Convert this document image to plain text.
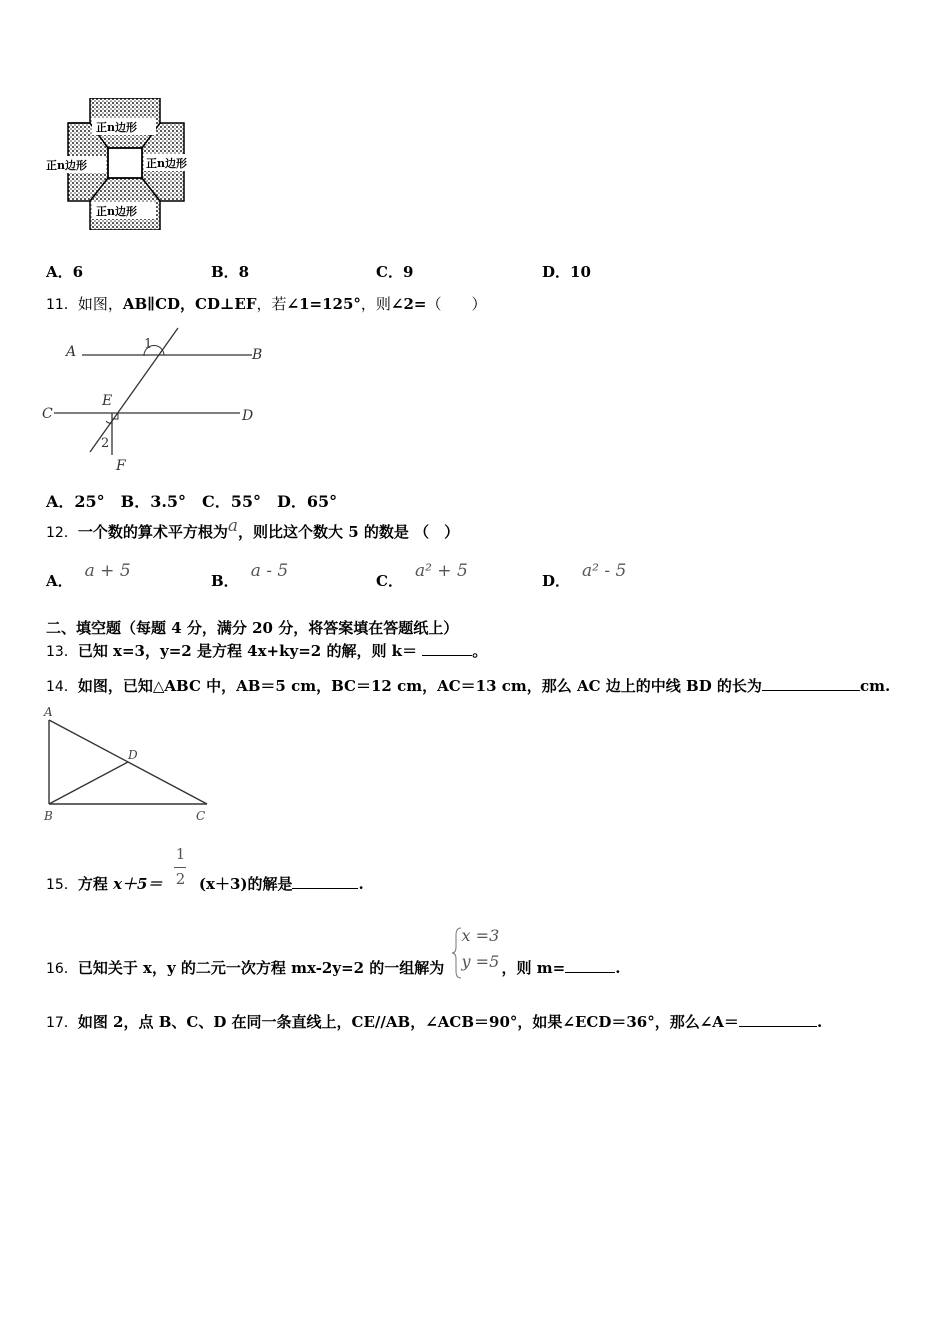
正n边形
正n边形	正n边形
正n边形
A．6	B．8	C．9	D．10
11．如图，AB∥CD，CD⊥EF，若∠1=125°，则∠2=（　　）
A	B
C	D
E
F
1
2
A．25°　B．3.5°　C．55°　D．65°
12．一个数的算术平方根为a，则比这个数大 5 的数是 （　）
A． a + 5	B． a - 5	C． a² + 5	D． a² - 5
二、填空题（每题 4 分，满分 20 分，将答案填在答题纸上）
13．已知 x=3，y=2 是方程 4x+ky=2 的解，则 k＝	。
14．如图，已知△ABC 中，AB＝5 cm，BC＝12 cm，AC＝13 cm，那么 AC 边上的中线 BD 的长为	cm.
A
B	C
D
15．方程 $x+5= \frac{1}{2} (x+3)$的解是	.
16．已知关于 x，y 的二元一次方程 mx-2y=2 的一组解为
x =3
y =5 ，则 m=	.
17．如图 2，点 B、C、D 在同一条直线上，CE//AB，∠ACB＝90°，如果∠ECD＝36°，那么∠A＝	.
